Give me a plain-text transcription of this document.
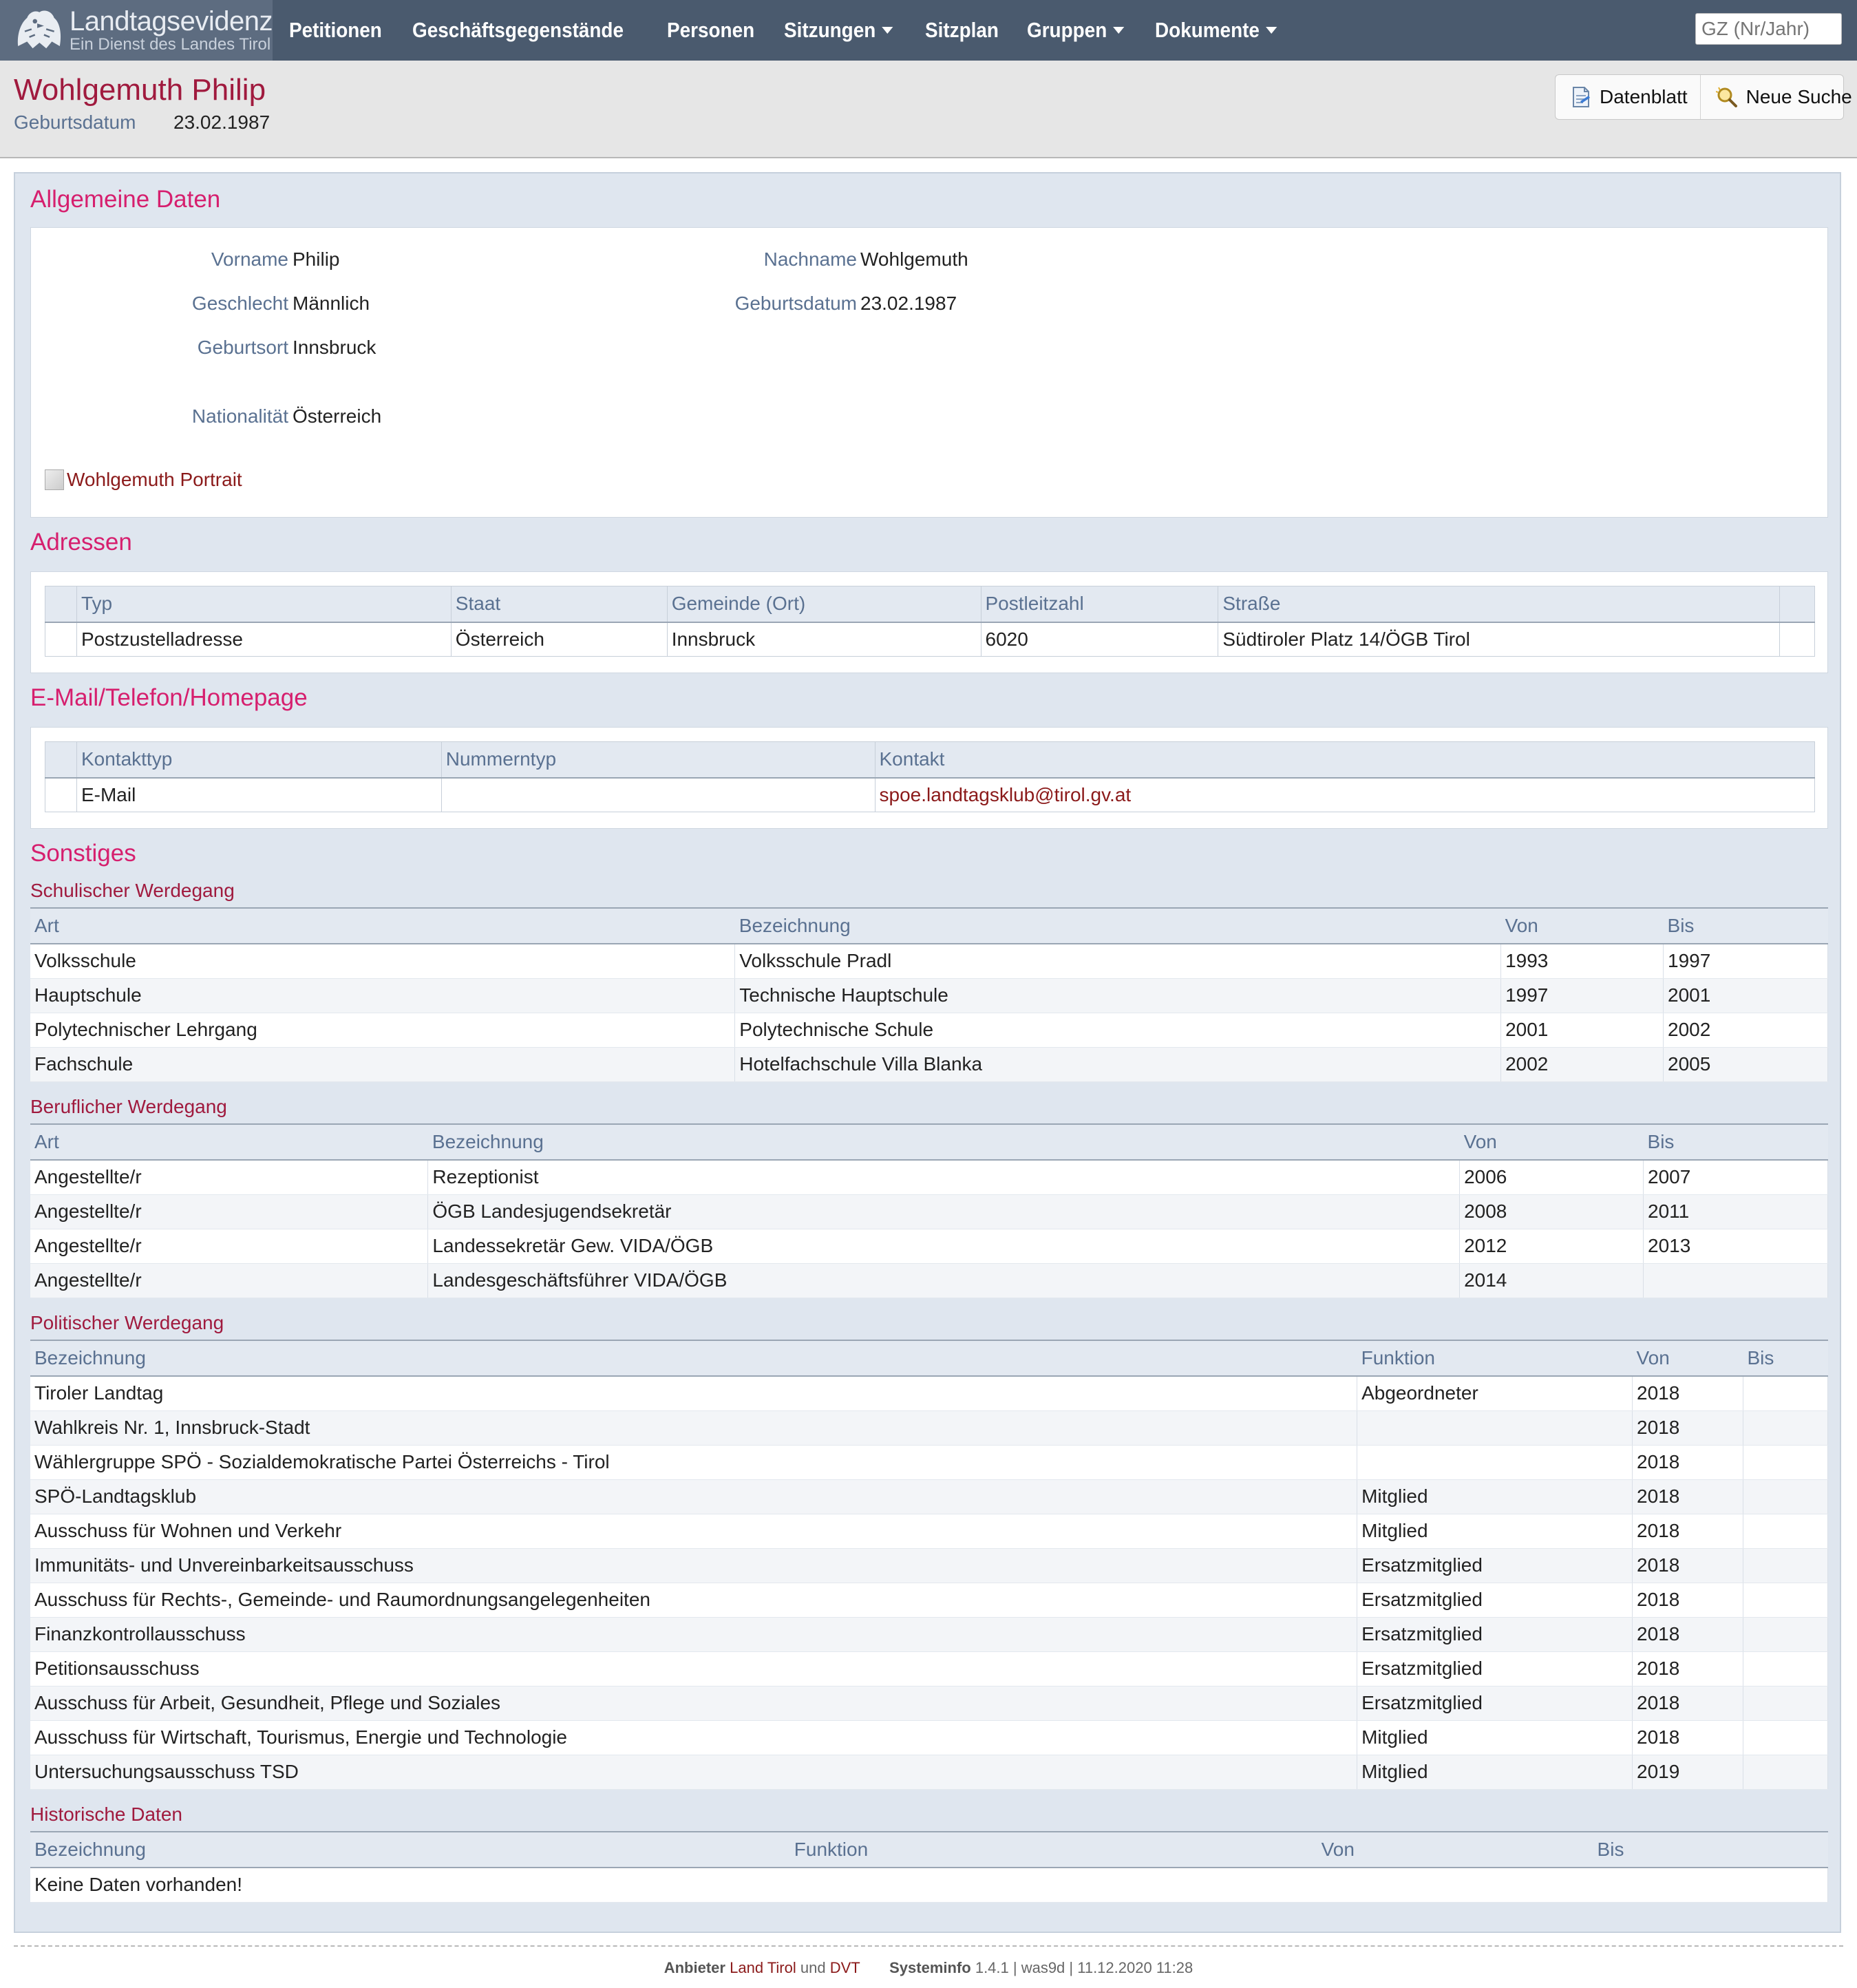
Landtagsevidenz
Ein Dienst des Landes Tirol
Petitionen Geschäftsgegenstände Personen Sitzungen Sitzplan Gruppen Dokumente
GZ (Nr/Jahr)
Wohlgemuth Philip
Geburtsdatum 23.02.1987
Datenblatt	Neue Suche
Allgemeine Daten
Vorname Philip	Nachname Wohlgemuth
Geschlecht Männlich	Geburtsdatum 23.02.1987
Geburtsort Innsbruck
Nationalität Österreich
Wohlgemuth Portrait
Adressen
	Typ	Staat	Gemeinde (Ort)	Postleitzahl	Straße	
	Postzustelladresse	Österreich	Innsbruck	6020	Südtiroler Platz 14/ÖGB Tirol	
E-Mail/Telefon/Homepage
	Kontakttyp	Nummerntyp	Kontakt
	E-Mail		spoe.landtagsklub@tirol.gv.at
Sonstiges
Schulischer Werdegang
Art	Bezeichnung	Von	Bis
Volksschule	Volksschule Pradl	1993	1997
Hauptschule	Technische Hauptschule	1997	2001
Polytechnischer Lehrgang	Polytechnische Schule	2001	2002
Fachschule	Hotelfachschule Villa Blanka	2002	2005
Beruflicher Werdegang
Art	Bezeichnung	Von	Bis
Angestellte/r	Rezeptionist	2006	2007
Angestellte/r	ÖGB Landesjugendsekretär	2008	2011
Angestellte/r	Landessekretär Gew. VIDA/ÖGB	2012	2013
Angestellte/r	Landesgeschäftsführer VIDA/ÖGB	2014	
Politischer Werdegang
Bezeichnung	Funktion	Von	Bis
Tiroler Landtag	Abgeordneter	2018	
Wahlkreis Nr. 1, Innsbruck-Stadt		2018	
Wählergruppe SPÖ - Sozialdemokratische Partei Österreichs - Tirol		2018	
SPÖ-Landtagsklub	Mitglied	2018	
Ausschuss für Wohnen und Verkehr	Mitglied	2018	
Immunitäts- und Unvereinbarkeitsausschuss	Ersatzmitglied	2018	
Ausschuss für Rechts-, Gemeinde- und Raumordnungsangelegenheiten	Ersatzmitglied	2018	
Finanzkontrollausschuss	Ersatzmitglied	2018	
Petitionsausschuss	Ersatzmitglied	2018	
Ausschuss für Arbeit, Gesundheit, Pflege und Soziales	Ersatzmitglied	2018	
Ausschuss für Wirtschaft, Tourismus, Energie und Technologie	Mitglied	2018	
Untersuchungsausschuss TSD	Mitglied	2019	
Historische Daten
Bezeichnung	Funktion	Von	Bis
Keine Daten vorhanden!
Anbieter Land Tirol und DVT Systeminfo 1.4.1 | was9d | 11.12.2020 11:28
